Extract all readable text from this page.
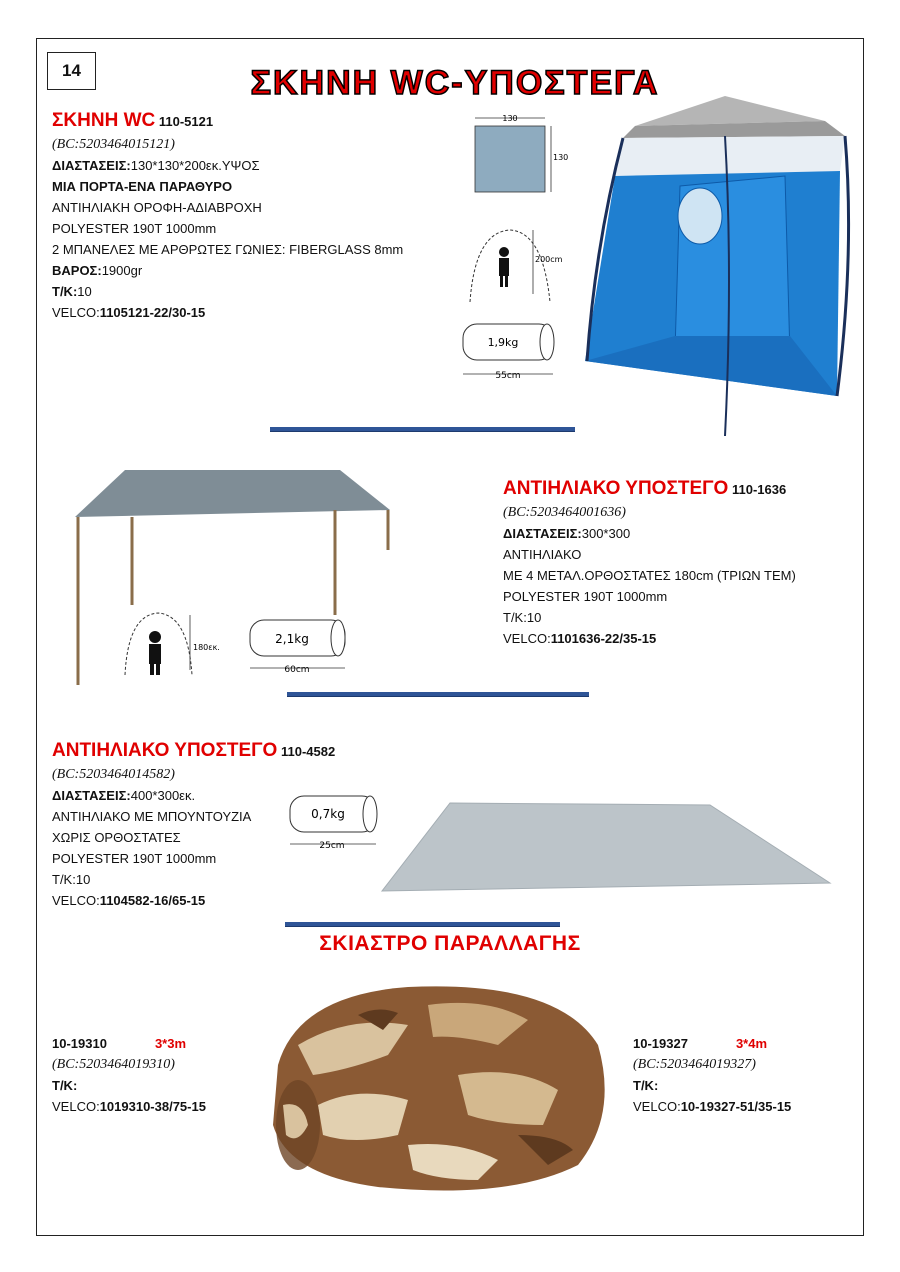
14	ΣΚΗΝΗ WC-ΥΠΟΣΤΕΓΑ
ΣΚΗΝΗ WC 110-5121
(BC:5203464015121)
ΔΙΑΣΤΑΣΕΙΣ:130*130*200εκ.ΥΨΟΣ
ΜΙΑ ΠΟΡΤΑ-ΕΝΑ ΠΑΡΑΘΥΡΟ
ΑΝΤΙΗΛΙΑΚΗ ΟΡΟΦΗ-ΑΔΙΑΒΡΟΧΗ
POLYESTER 190T 1000mm
2 ΜΠΑΝΕΛΕΣ ΜΕ ΑΡΘΡΩΤΕΣ ΓΩΝΙΕΣ: FIBERGLASS 8mm
ΒΑΡΟΣ:1900gr
Τ/Κ:10
VELCO:1105121-22/30-15
130
130
200cm
1,9kg
55cm
ΑΝΤΙΗΛΙΑΚΟ ΥΠΟΣΤΕΓΟ 110-1636
(BC:5203464001636)
ΔΙΑΣΤΑΣΕΙΣ:300*300
ΑΝΤΙΗΛΙΑΚΟ
ΜΕ 4 ΜΕΤΑΛ.ΟΡΘΟΣΤΑΤΕΣ 180cm (ΤΡΙΩΝ ΤΕΜ)
POLYESTER 190T 1000mm
Τ/Κ:10
VELCO:1101636-22/35-15
180εκ.
2,1kg
60cm
ΑΝΤΙΗΛΙΑΚΟ ΥΠΟΣΤΕΓΟ 110-4582
(BC:5203464014582)
ΔΙΑΣΤΑΣΕΙΣ:400*300εκ.
ΑΝΤΙΗΛΙΑΚΟ ΜΕ ΜΠΟΥΝΤΟΥΖΙΑ
ΧΩΡΙΣ ΟΡΘΟΣΤΑΤΕΣ
POLYESTER 190T 1000mm
Τ/Κ:10
VELCO:1104582-16/65-15
0,7kg
25cm
ΣΚΙΑΣΤΡΟ ΠΑΡΑΛΛΑΓΗΣ
10-19310	3*3m
(BC:5203464019310)
Τ/Κ:
VELCO:1019310-38/75-15
10-19327	3*4m
(BC:5203464019327)
Τ/Κ:
VELCO:10-19327-51/35-15
